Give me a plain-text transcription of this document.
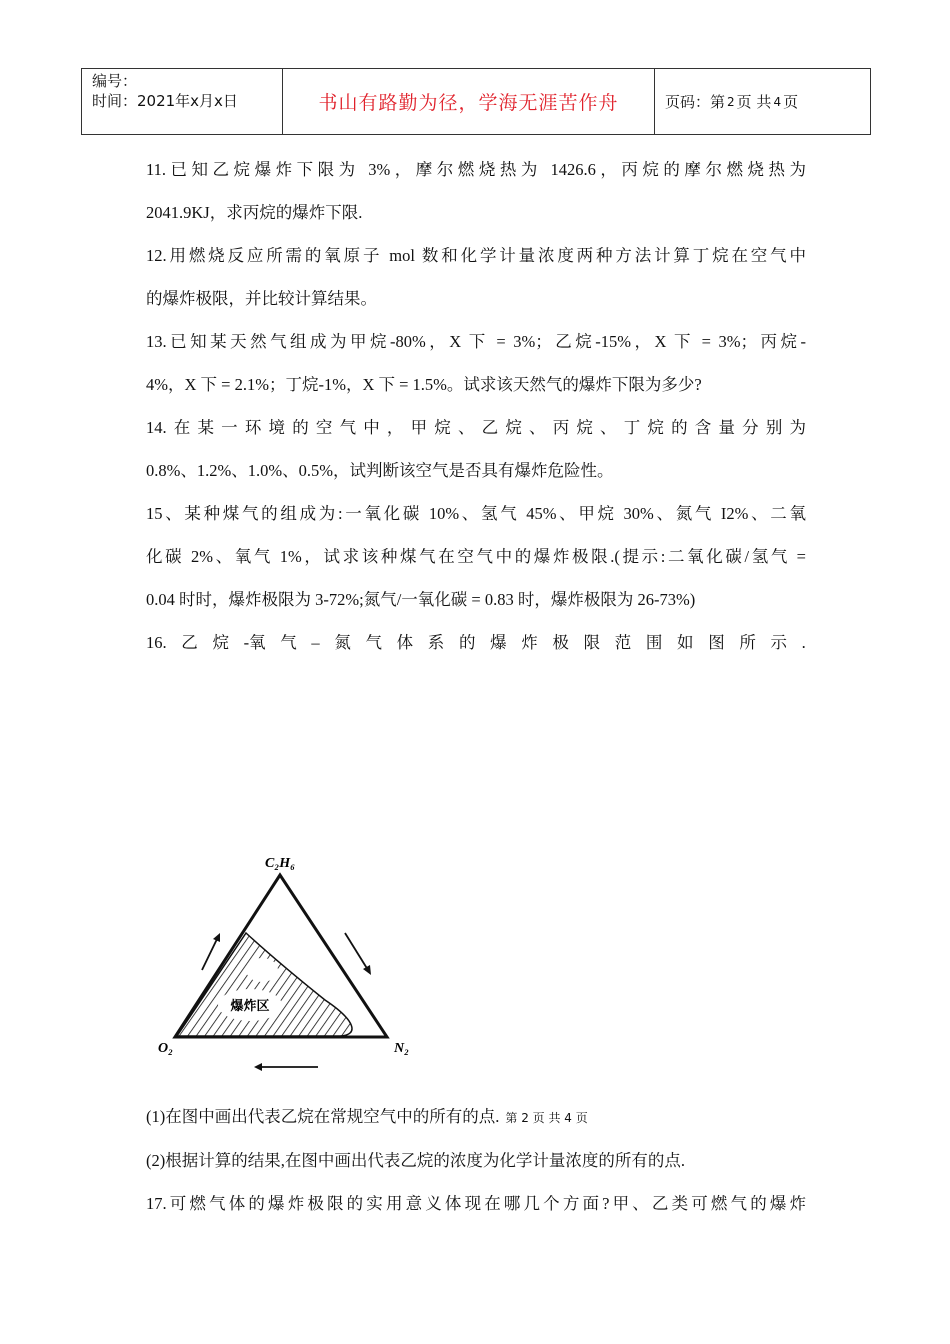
编号：
时间：2021年x月x日	书山有路勤为径，学海无涯苦作舟	页码：第 2 页 共 4 页
11.已知乙烷爆炸下限为 3%，摩尔燃烧热为 1426.6，丙烷的摩尔燃烧热为
2041.9KJ，求丙烷的爆炸下限.
12.用燃烧反应所需的氧原子 mol 数和化学计量浓度两种方法计算丁烷在空气中
的爆炸极限，并比较计算结果。
13.已知某天然气组成为甲烷-80%，X 下 = 3%；乙烷-15%，X 下 = 3%；丙烷-
4%，X 下 = 2.1%；丁烷-1%，X 下 = 1.5%。试求该天然气的爆炸下限为多少?
14.在某一环境的空气中，甲烷、乙烷、丙烷、丁烷的含量分别为
0.8%、1.2%、1.0%、0.5%，试判断该空气是否具有爆炸危险性。
15、某种煤气的组成为:一氧化碳 10%、氢气 45%、甲烷 30%、氮气 I2%、二氧
化碳 2%、氧气 1%，试求该种煤气在空气中的爆炸极限.(提示:二氧化碳/氢气 =
0.04 时时，爆炸极限为 3-72%;氮气/一氧化碳 = 0.83 时，爆炸极限为 26-73%)
16. 乙 烷 -氧 气 – 氮 气 体 系 的 爆 炸 极 限 范 围 如 图 所 示 .
C₂H₆
O₂	N₂
爆炸区
(1)在图中画出代表乙烷在常规空气中的所有的点. 第 2 页 共 4 页
(2)根据计算的结果,在图中画出代表乙烷的浓度为化学计量浓度的所有的点.
17.可燃气体的爆炸极限的实用意义体现在哪几个方面?甲、乙类可燃气的爆炸
